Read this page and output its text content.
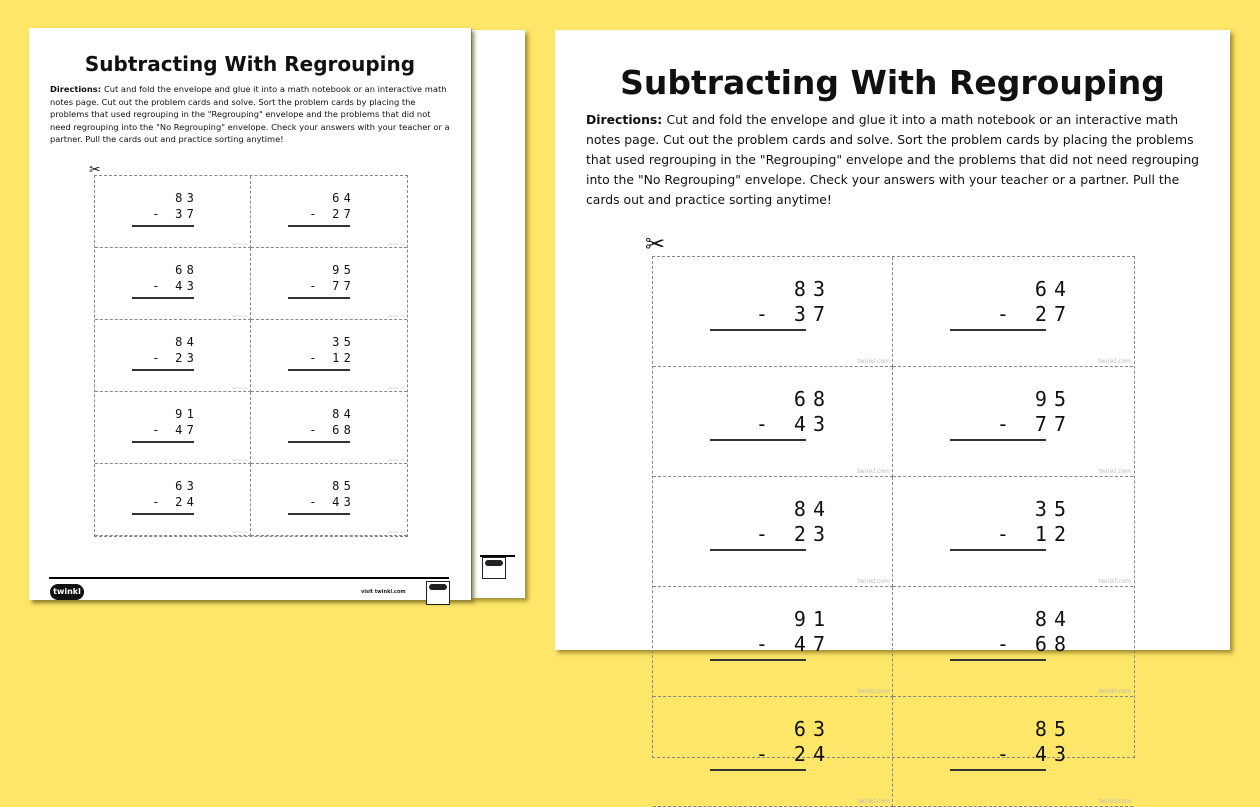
Subtracting With Regrouping
Directions: Cut and fold the envelope and glue it into a math notebook or an interactive math notes page. Cut out the problem cards and solve. Sort the problem cards by placing the problems that used regrouping in the "Regrouping" envelope and the problems that did not need regrouping into the "No Regrouping" envelope. Check your answers with your teacher or a partner. Pull the cards out and practice sorting anytime!
✂
83
- 37
twinkl.com
64
- 27
twinkl.com
68
- 43
twinkl.com
95
- 77
twinkl.com
84
- 23
twinkl.com
35
- 12
twinkl.com
91
- 47
twinkl.com
84
- 68
twinkl.com
63
- 24
twinkl.com
85
- 43
twinkl.com
twinkl	visit twinkl.com
Subtracting With Regrouping
Directions: Cut and fold the envelope and glue it into a math notebook or an interactive math notes page. Cut out the problem cards and solve. Sort the problem cards by placing the problems that used regrouping in the "Regrouping" envelope and the problems that did not need regrouping into the "No Regrouping" envelope. Check your answers with your teacher or a partner. Pull the cards out and practice sorting anytime!
✂
83
- 37
twinkl.com
64
- 27
twinkl.com
68
- 43
twinkl.com
95
- 77
twinkl.com
84
- 23
twinkl.com
35
- 12
twinkl.com
91
- 47
twinkl.com
84
- 68
twinkl.com
63
- 24
twinkl.com
85
- 43
twinkl.com
